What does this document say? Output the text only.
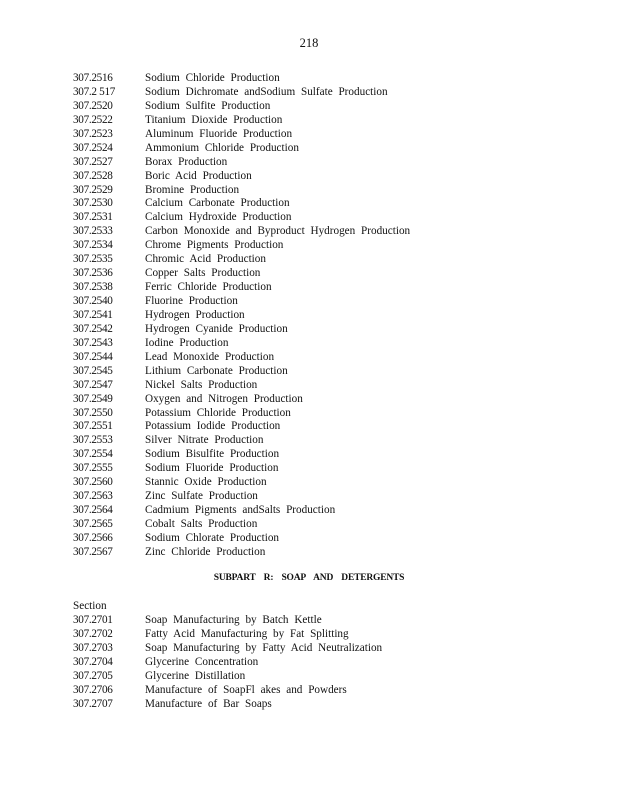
218
307.2516	Sodium Chloride Production
307.2 517	Sodium Dichromate andSodium Sulfate Production
307.2520	Sodium Sulfite Production
307.2522	Titanium Dioxide Production
307.2523	Aluminum Fluoride Production
307.2524	Ammonium Chloride Production
307.2527	Borax Production
307.2528	Boric Acid Production
307.2529	Bromine Production
307.2530	Calcium Carbonate Production
307.2531	Calcium Hydroxide Production
307.2533	Carbon Monoxide and Byproduct Hydrogen Production
307.2534	Chrome Pigments Production
307.2535	Chromic Acid Production
307.2536	Copper Salts Production
307.2538	Ferric Chloride Production
307.2540	Fluorine Production
307.2541	Hydrogen Production
307.2542	Hydrogen Cyanide Production
307.2543	Iodine Production
307.2544	Lead Monoxide Production
307.2545	Lithium Carbonate Production
307.2547	Nickel Salts Production
307.2549	Oxygen and Nitrogen Production
307.2550	Potassium Chloride Production
307.2551	Potassium Iodide Production
307.2553	Silver Nitrate Production
307.2554	Sodium Bisulfite Production
307.2555	Sodium Fluoride Production
307.2560	Stannic Oxide Production
307.2563	Zinc Sulfate Production
307.2564	Cadmium Pigments andSalts Production
307.2565	Cobalt Salts Production
307.2566	Sodium Chlorate Production
307.2567	Zinc Chloride Production
SUBPART R: SOAP AND DETERGENTS
Section
307.2701	Soap Manufacturing by Batch Kettle
307.2702	Fatty Acid Manufacturing by Fat Splitting
307.2703	Soap Manufacturing by Fatty Acid Neutralization
307.2704	Glycerine Concentration
307.2705	Glycerine Distillation
307.2706	Manufacture of SoapFl akes and Powders
307.2707	Manufacture of Bar Soaps
